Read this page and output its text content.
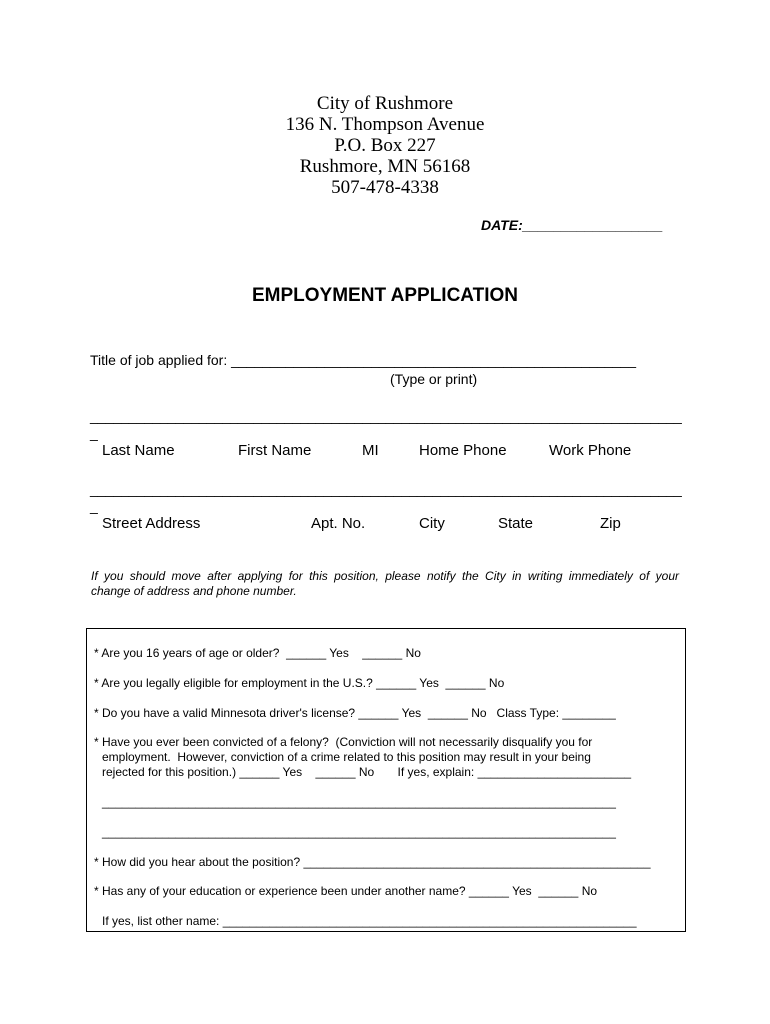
City of Rushmore
136 N. Thompson Avenue
P.O. Box 227
Rushmore, MN 56168
507-478-4338
DATE:__________________
EMPLOYMENT APPLICATION
Title of job applied for: ____________________________________________________
(Type or print)
____________________________________________________________________________
_
Last Name	First Name	MI	Home Phone	Work Phone
____________________________________________________________________________
_
Street Address	Apt. No.	City	State	Zip
If you should move after applying for this position, please notify the City in writing immediately of your
change of address and phone number.
* Are you 16 years of age or older?  ______ Yes    ______ No
* Are you legally eligible for employment in the U.S.? ______ Yes  ______ No
* Do you have a valid Minnesota driver's license? ______ Yes  ______ No   Class Type: ________
* Have you ever been convicted of a felony?  (Conviction will not necessarily disqualify you for
employment.  However, conviction of a crime related to this position may result in your being
rejected for this position.) ______ Yes    ______ No       If yes, explain: _______________________
_____________________________________________________________________________
_____________________________________________________________________________
* How did you hear about the position? ____________________________________________________
* Has any of your education or experience been under another name? ______ Yes  ______ No
If yes, list other name: ______________________________________________________________
